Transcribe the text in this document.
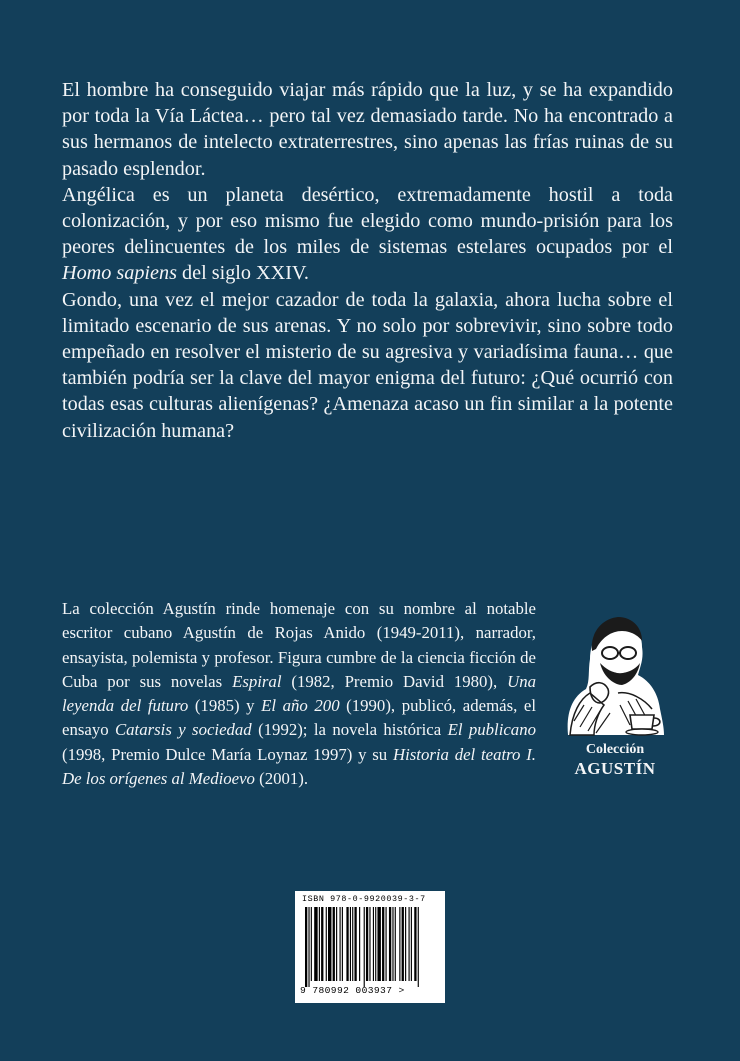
El hombre ha conseguido viajar más rápido que la luz, y se ha expandido por toda la Vía Láctea… pero tal vez demasiado tarde. No ha encontrado a sus hermanos de intelecto extraterrestres, sino apenas las frías ruinas de su pasado esplendor.

Angélica es un planeta desértico, extremadamente hostil a toda colonización, y por eso mismo fue elegido como mundo-prisión para los peores delincuentes de los miles de sistemas estelares ocupados por el Homo sapiens del siglo XXIV.

Gondo, una vez el mejor cazador de toda la galaxia, ahora lucha sobre el limitado escenario de sus arenas. Y no solo por sobrevivir, sino sobre todo empeñado en resolver el misterio de su agresiva y variadísima fauna… que también podría ser la clave del mayor enigma del futuro: ¿Qué ocurrió con todas esas culturas alienígenas? ¿Amenaza acaso un fin similar a la potente civilización humana?

La colección Agustín rinde homenaje con su nombre al notable escritor cubano Agustín de Rojas Anido (1949-2011), narrador, ensayista, polemista y profesor. Figura cumbre de la ciencia ficción de Cuba por sus novelas Espiral (1982, Premio David 1980), Una leyenda del futuro (1985) y El año 200 (1990), publicó, además, el ensayo Catarsis y sociedad (1992); la novela histórica El publicano (1998, Premio Dulce María Loynaz 1997) y su Historia del teatro I. De los orígenes al Medioevo (2001).

Colección
AGUSTÍN
ISBN 978-0-9920039-3-7
9 780992 003937 >
